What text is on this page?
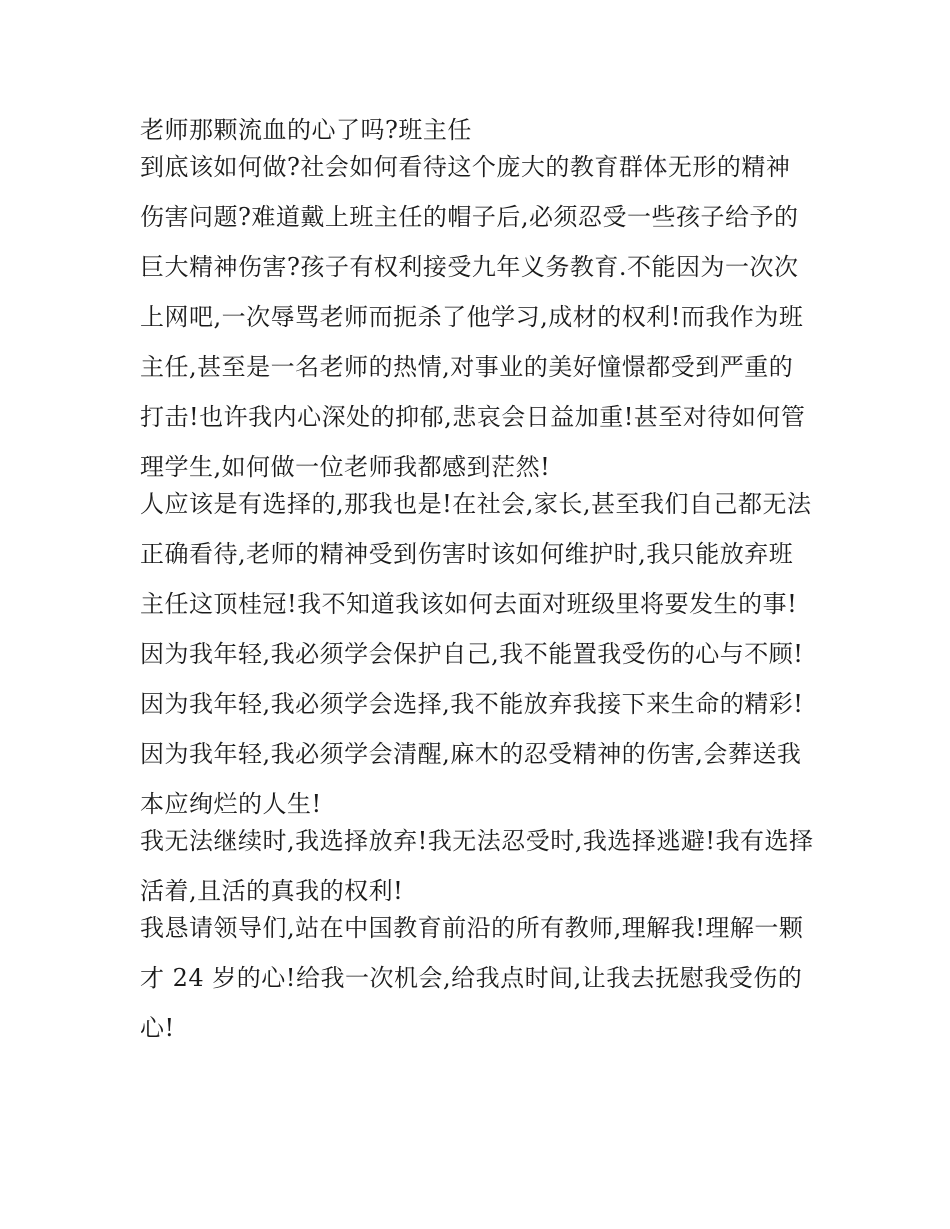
老师那颗流血的心了吗?班主任
到底该如何做?社会如何看待这个庞大的教育群体无形的精神
伤害问题?难道戴上班主任的帽子后,必须忍受一些孩子给予的
巨大精神伤害?孩子有权利接受九年义务教育.不能因为一次次
上网吧,一次辱骂老师而扼杀了他学习,成材的权利!而我作为班
主任,甚至是一名老师的热情,对事业的美好憧憬都受到严重的
打击!也许我内心深处的抑郁,悲哀会日益加重!甚至对待如何管
理学生,如何做一位老师我都感到茫然!
人应该是有选择的,那我也是!在社会,家长,甚至我们自己都无法
正确看待,老师的精神受到伤害时该如何维护时,我只能放弃班
主任这顶桂冠!我不知道我该如何去面对班级里将要发生的事!
因为我年轻,我必须学会保护自己,我不能置我受伤的心与不顾!
因为我年轻,我必须学会选择,我不能放弃我接下来生命的精彩!
因为我年轻,我必须学会清醒,麻木的忍受精神的伤害,会葬送我
本应绚烂的人生!
我无法继续时,我选择放弃!我无法忍受时,我选择逃避!我有选择
活着,且活的真我的权利!
我恳请领导们,站在中国教育前沿的所有教师,理解我!理解一颗
才 24 岁的心!给我一次机会,给我点时间,让我去抚慰我受伤的
心!
